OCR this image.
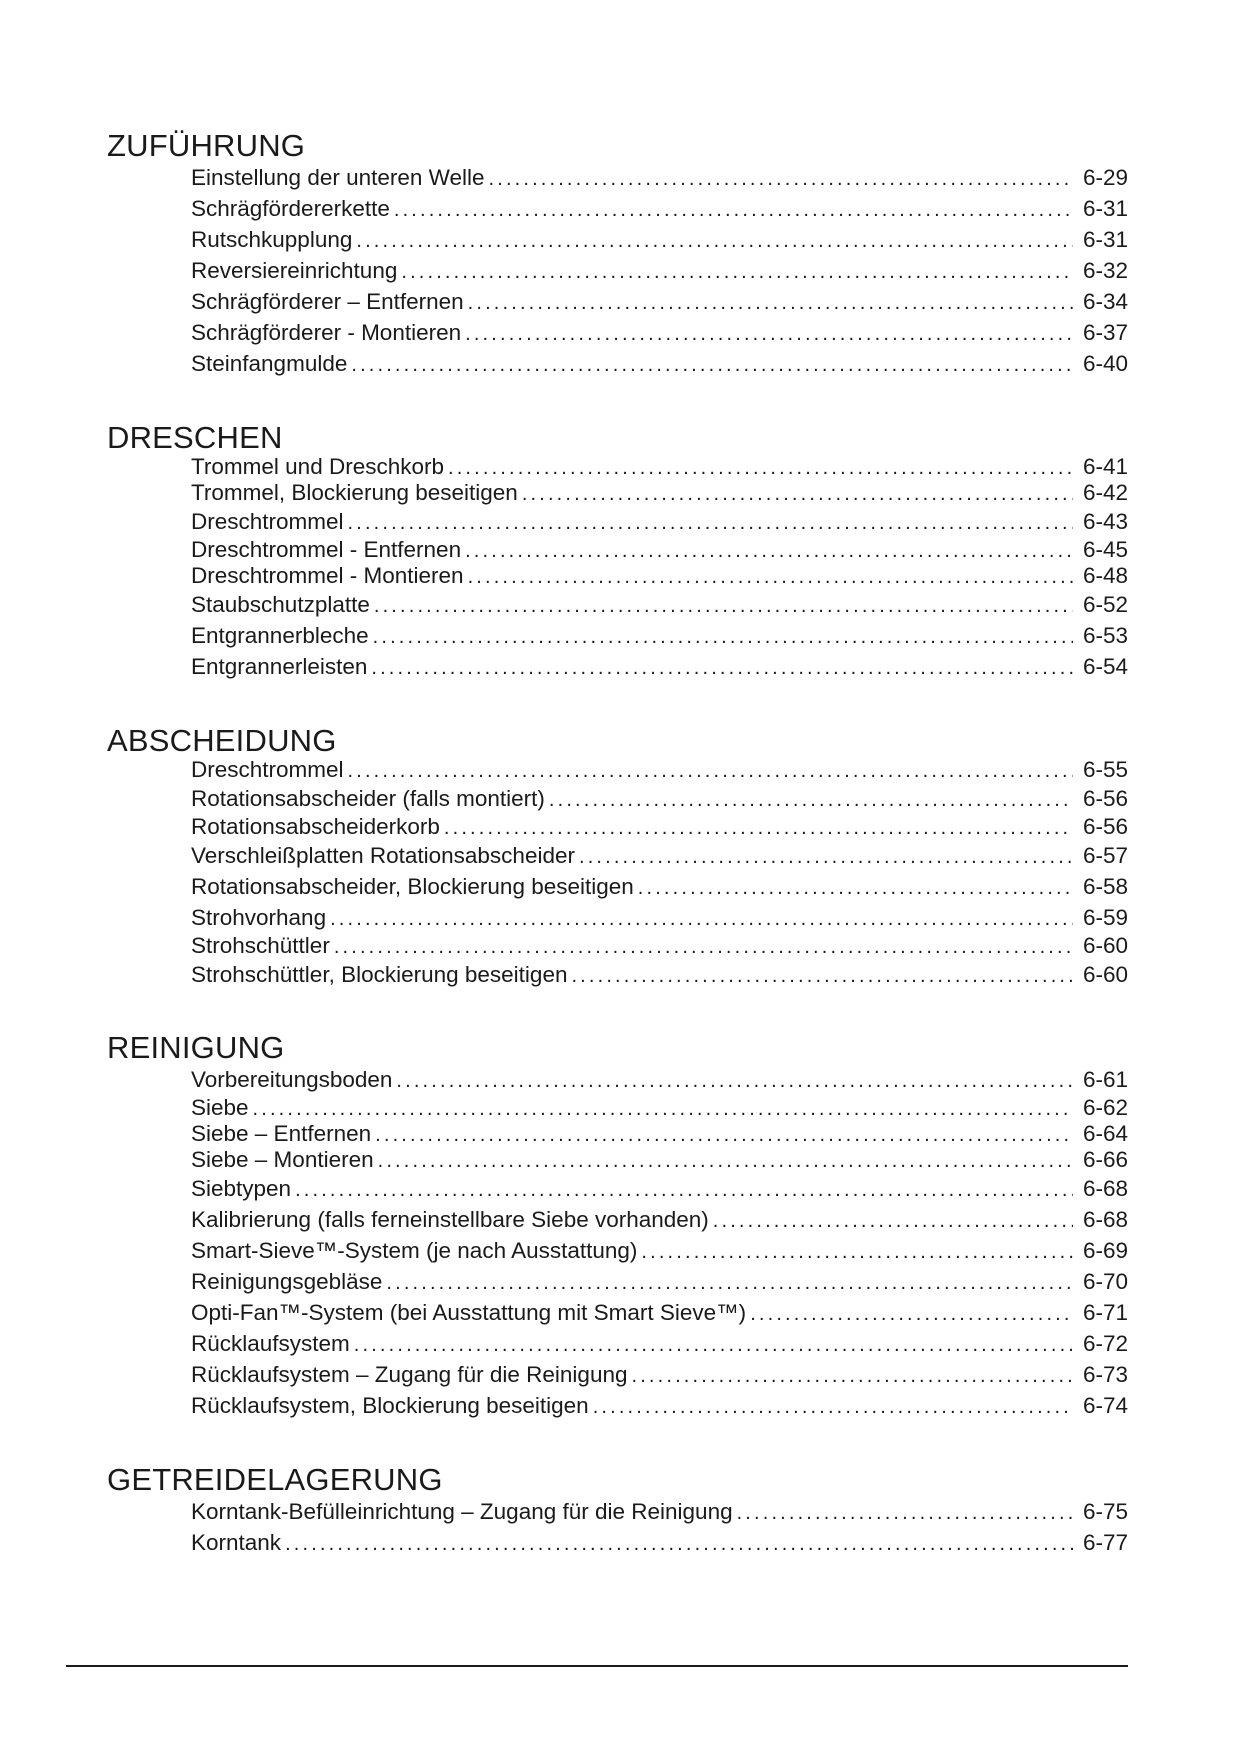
ZUFÜHRUNG
Einstellung der unteren Welle . . .	6-29
Schrägfördererkette . . .	6-31
Rutschkupplung . . .	6-31
Reversiereinrichtung . . .	6-32
Schrägförderer – Entfernen . . .	6-34
Schrägförderer - Montieren . . .	6-37
Steinfangmulde . . .	6-40
DRESCHEN
Trommel und Dreschkorb . . .	6-41
Trommel, Blockierung beseitigen . . .	6-42
Dreschtrommel . . .	6-43
Dreschtrommel - Entfernen . . .	6-45
Dreschtrommel - Montieren . . .	6-48
Staubschutzplatte . . .	6-52
Entgrannerbleche . . .	6-53
Entgrannerleisten . . .	6-54
ABSCHEIDUNG
Dreschtrommel . . .	6-55
Rotationsabscheider (falls montiert) . . .	6-56
Rotationsabscheiderkorb . . .	6-56
Verschleißplatten Rotationsabscheider . . .	6-57
Rotationsabscheider, Blockierung beseitigen . . .	6-58
Strohvorhang . . .	6-59
Strohschüttler . . .	6-60
Strohschüttler, Blockierung beseitigen . . .	6-60
REINIGUNG
Vorbereitungsboden . . .	6-61
Siebe . . .	6-62
Siebe – Entfernen . . .	6-64
Siebe – Montieren . . .	6-66
Siebtypen . . .	6-68
Kalibrierung (falls ferneinstellbare Siebe vorhanden) . . .	6-68
Smart-Sieve™-System (je nach Ausstattung) . . .	6-69
Reinigungsgebläse . . .	6-70
Opti-Fan™-System (bei Ausstattung mit Smart Sieve™) . . .	6-71
Rücklaufsystem . . .	6-72
Rücklaufsystem – Zugang für die Reinigung . . .	6-73
Rücklaufsystem, Blockierung beseitigen . . .	6-74
GETREIDELAGERUNG
Korntank-Befülleinrichtung – Zugang für die Reinigung . . .	6-75
Korntank . . .	6-77
